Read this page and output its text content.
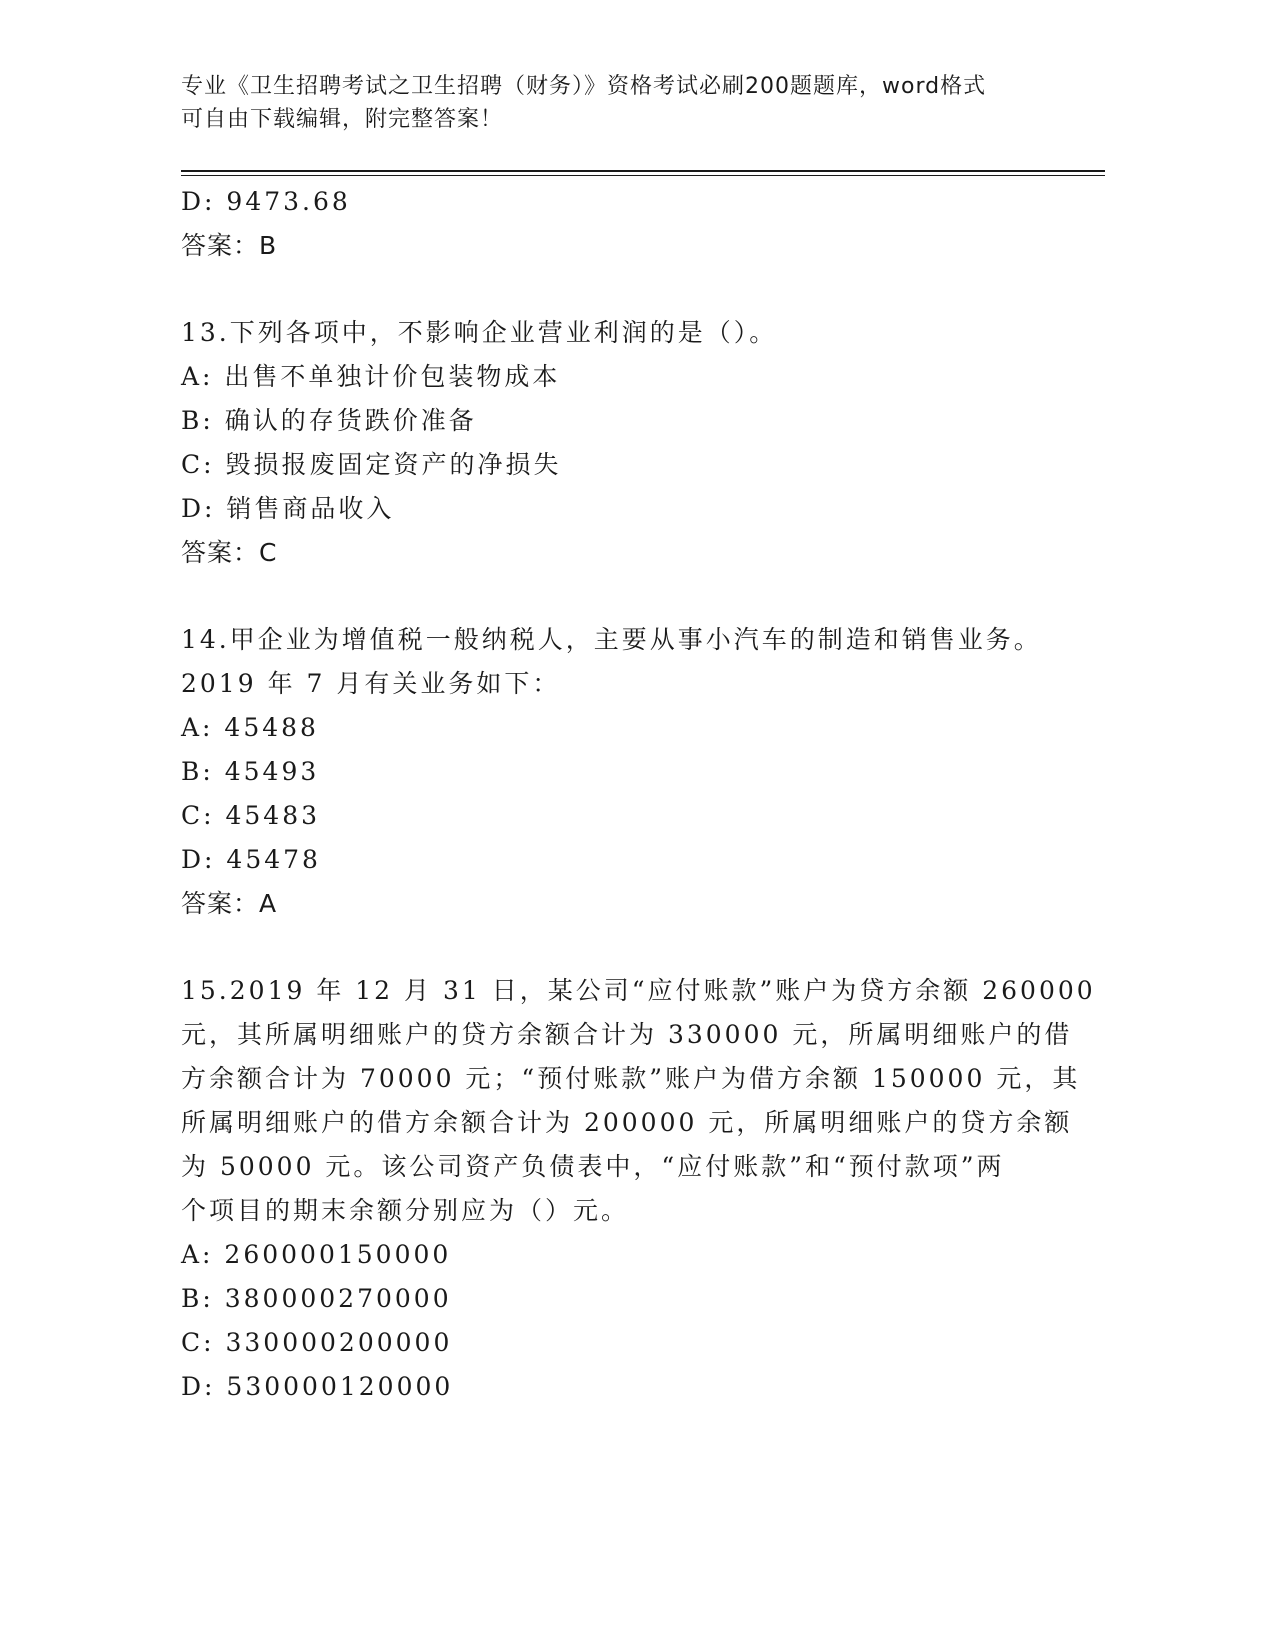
专业《卫生招聘考试之卫生招聘（财务）》资格考试必刷200题题库，word格式
可自由下载编辑，附完整答案！
D: 9473.68
答案：B
13.下列各项中，不影响企业营业利润的是（）。
A: 出售不单独计价包装物成本
B: 确认的存货跌价准备
C: 毁损报废固定资产的净损失
D: 销售商品收入
答案：C
14.甲企业为增值税一般纳税人，主要从事小汽车的制造和销售业务。
2019 年 7 月有关业务如下：
A: 45488
B: 45493
C: 45483
D: 45478
答案：A
15.2019 年 12 月 31 日，某公司“应付账款”账户为贷方余额 260000
元，其所属明细账户的贷方余额合计为 330000 元，所属明细账户的借
方余额合计为 70000 元；“预付账款”账户为借方余额 150000 元，其
所属明细账户的借方余额合计为 200000 元，所属明细账户的贷方余额
为 50000 元。该公司资产负债表中，“应付账款”和“预付款项”两
个项目的期末余额分别应为（）元。
A: 260000150000
B: 380000270000
C: 330000200000
D: 530000120000
